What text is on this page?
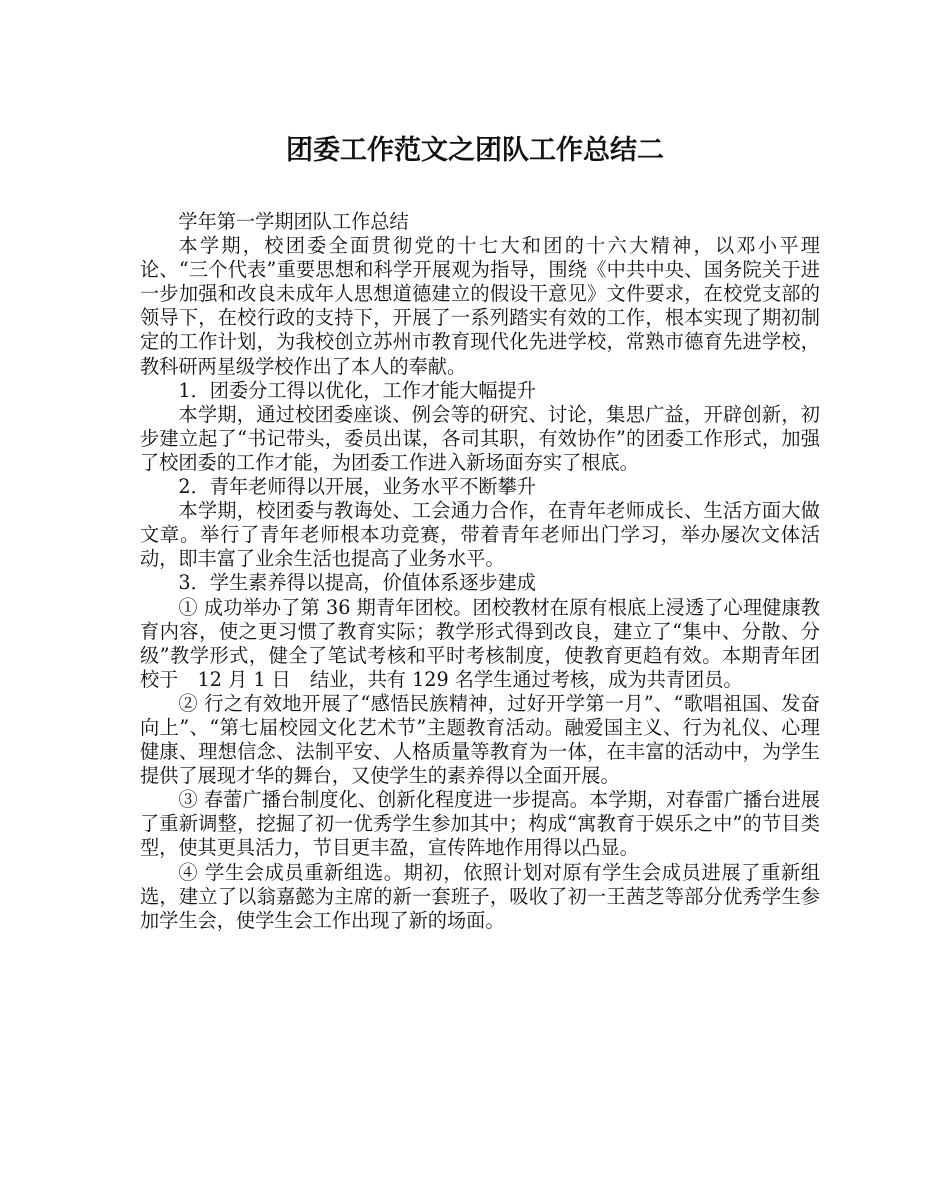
团委工作范文之团队工作总结二

学年第一学期团队工作总结

本学期，校团委全面贯彻党的十七大和团的十六大精神，以邓小平理论、“三个代表”重要思想和科学开展观为指导，围绕《中共中央、国务院关于进一步加强和改良未成年人思想道德建立的假设干意见》文件要求，在校党支部的领导下，在校行政的支持下，开展了一系列踏实有效的工作，根本实现了期初制定的工作计划，为我校创立苏州市教育现代化先进学校，常熟市德育先进学校，教科研两星级学校作出了本人的奉献。

1．团委分工得以优化，工作才能大幅提升

本学期，通过校团委座谈、例会等的研究、讨论，集思广益，开辟创新，初步建立起了“书记带头，委员出谋，各司其职，有效协作”的团委工作形式，加强了校团委的工作才能，为团委工作进入新场面夯实了根底。

2．青年老师得以开展，业务水平不断攀升

本学期，校团委与教诲处、工会通力合作，在青年老师成长、生活方面大做文章。举行了青年老师根本功竞赛，带着青年老师出门学习，举办屡次文体活动，即丰富了业余生活也提高了业务水平。

3．学生素养得以提高，价值体系逐步建成

① 成功举办了第 36 期青年团校。团校教材在原有根底上浸透了心理健康教育内容，使之更习惯了教育实际；教学形式得到改良，建立了“集中、分散、分级”教学形式，健全了笔试考核和平时考核制度，使教育更趋有效。本期青年团校于　12 月 1 日　结业，共有 129 名学生通过考核，成为共青团员。

② 行之有效地开展了“感悟民族精神，过好开学第一月”、“歌唱祖国、发奋向上”、“第七届校园文化艺术节”主题教育活动。融爱国主义、行为礼仪、心理健康、理想信念、法制平安、人格质量等教育为一体，在丰富的活动中，为学生提供了展现才华的舞台，又使学生的素养得以全面开展。

③ 春蕾广播台制度化、创新化程度进一步提高。本学期，对春雷广播台进展了重新调整，挖掘了初一优秀学生参加其中；构成“寓教育于娱乐之中”的节目类型，使其更具活力，节目更丰盈，宣传阵地作用得以凸显。

④ 学生会成员重新组选。期初，依照计划对原有学生会成员进展了重新组选，建立了以翁嘉懿为主席的新一套班子，吸收了初一王茜芝等部分优秀学生参加学生会，使学生会工作出现了新的场面。
